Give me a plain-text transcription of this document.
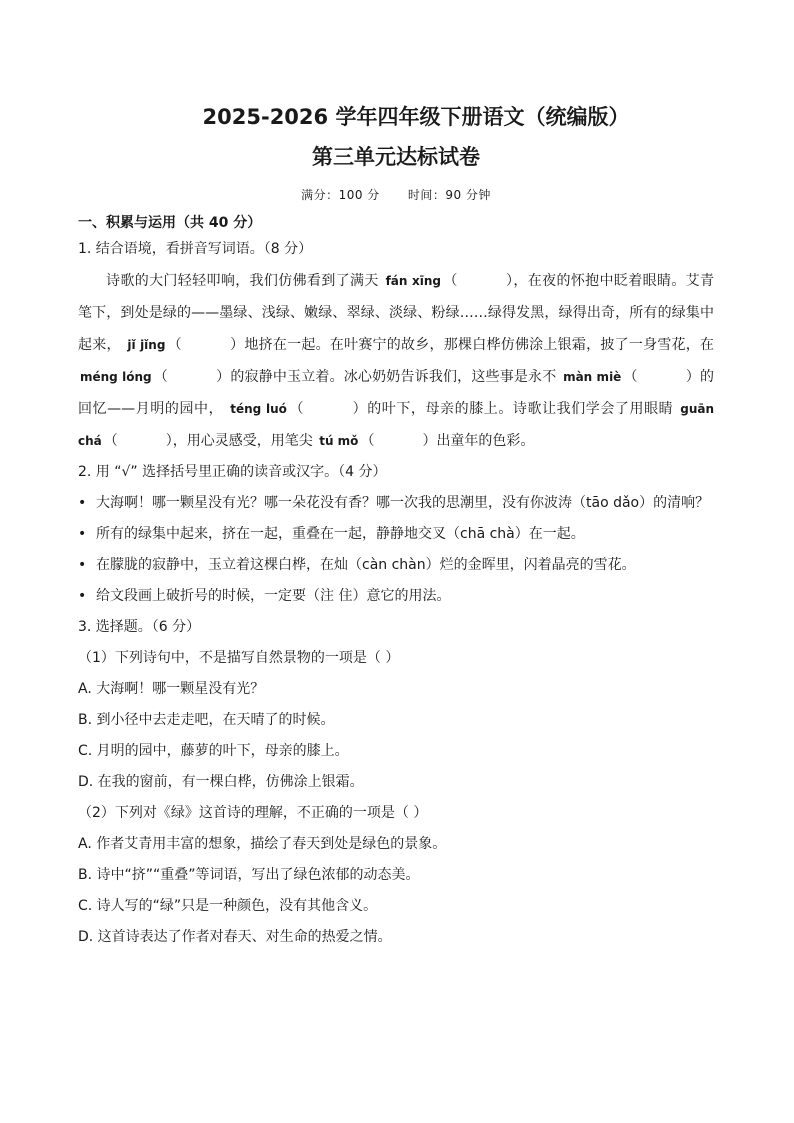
2025-2026 学年四年级下册语文（统编版）
第三单元达标试卷
满分：100 分 时间：90 分钟
一、积累与运用（共 40 分）
1. 结合语境，看拼音写词语。（8 分）
诗歌的大门轻轻叩响，我们仿佛看到了满天 fán xīng （	），在夜的怀抱中眨着眼睛。艾青笔下，到处是绿的——墨绿、浅绿、嫩绿、翠绿、淡绿、粉绿……绿得发黑，绿得出奇，所有的绿集中起来， jǐ jǐng （	）地挤在一起。在叶赛宁的故乡，那棵白桦仿佛涂上银霜，披了一身雪花，在 méng lóng （	）的寂静中玉立着。冰心奶奶告诉我们，这些事是永不 màn miè （	）的回忆——月明的园中， téng luó （	）的叶下，母亲的膝上。诗歌让我们学会了用眼睛 guān chá （	），用心灵感受，用笔尖 tú mǒ （	）出童年的色彩。
2. 用 “√” 选择括号里正确的读音或汉字。（4 分）
• 大海啊！哪一颗星没有光？哪一朵花没有香？哪一次我的思潮里，没有你波涛（tāo dǎo）的清响？
• 所有的绿集中起来，挤在一起，重叠在一起，静静地交叉（chā chà）在一起。
• 在朦胧的寂静中，玉立着这棵白桦，在灿（càn chàn）烂的金晖里，闪着晶亮的雪花。
• 给文段画上破折号的时候，一定要（注 住）意它的用法。
3. 选择题。（6 分）
（1）下列诗句中，不是描写自然景物的一项是（ ）
A. 大海啊！哪一颗星没有光？
B. 到小径中去走走吧，在天晴了的时候。
C. 月明的园中，藤萝的叶下，母亲的膝上。
D. 在我的窗前，有一棵白桦，仿佛涂上银霜。
（2）下列对《绿》这首诗的理解，不正确的一项是（ ）
A. 作者艾青用丰富的想象，描绘了春天到处是绿色的景象。
B. 诗中“挤”“重叠”等词语，写出了绿色浓郁的动态美。
C. 诗人写的“绿”只是一种颜色，没有其他含义。
D. 这首诗表达了作者对春天、对生命的热爱之情。
